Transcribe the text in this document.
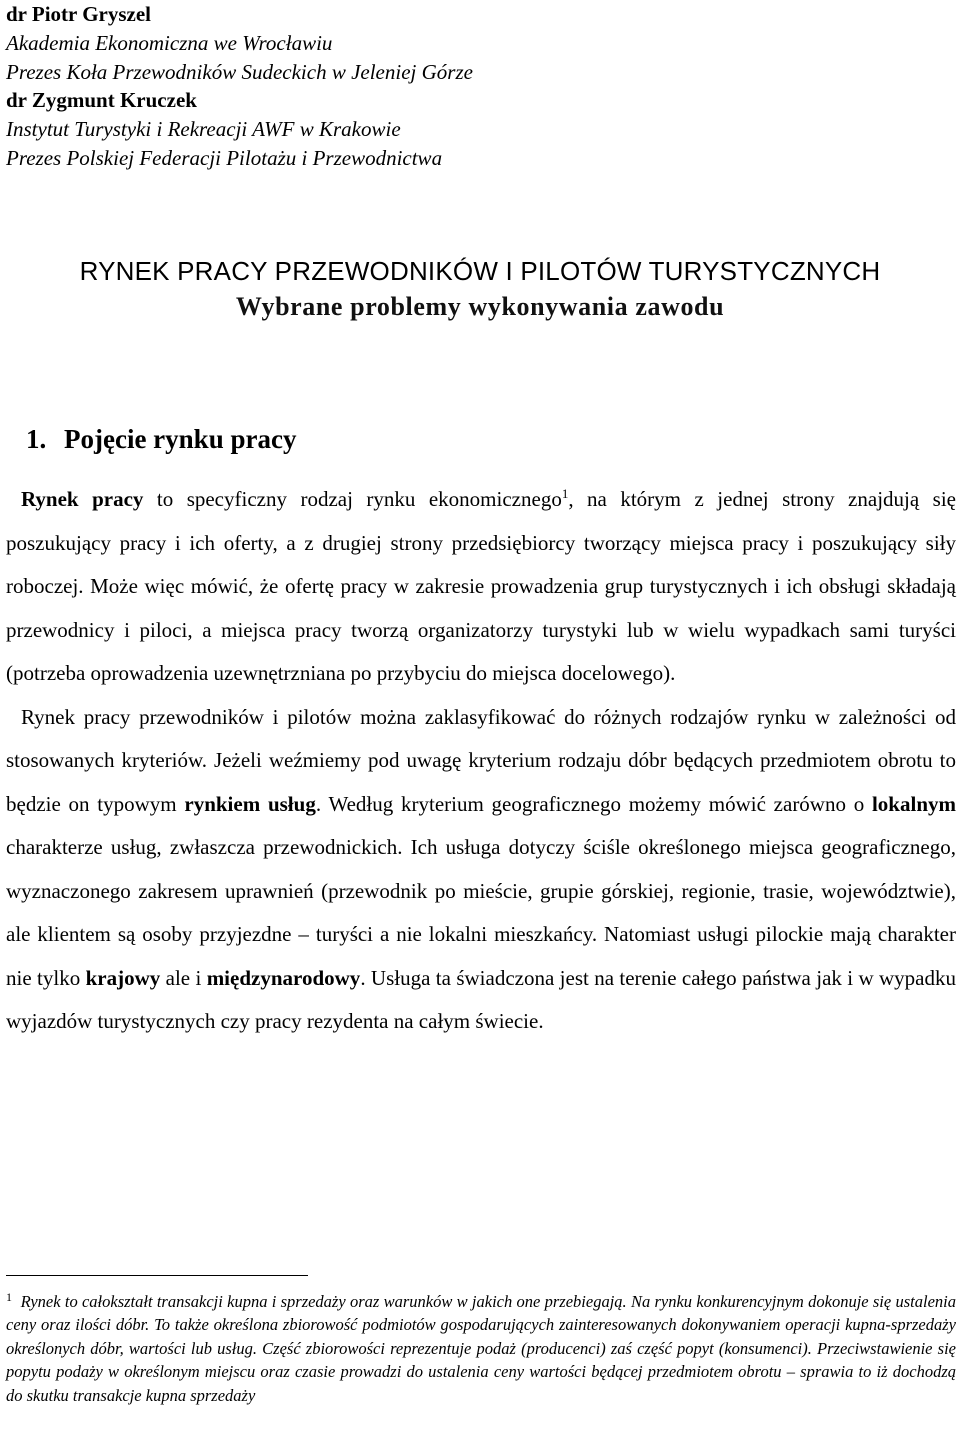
dr Piotr Gryszel
Akademia Ekonomiczna we Wrocławiu
Prezes Koła Przewodników Sudeckich w Jeleniej Górze
dr Zygmunt Kruczek
Instytut Turystyki i Rekreacji AWF w Krakowie
Prezes Polskiej Federacji Pilotażu i Przewodnictwa
RYNEK PRACY PRZEWODNIKÓW I PILOTÓW TURYSTYCZNYCH
Wybrane problemy wykonywania zawodu
1. Pojęcie rynku pracy

Rynek pracy to specyficzny rodzaj rynku ekonomicznego$^1$, na którym z jednej strony znajdują się poszukujący pracy i ich oferty, a z drugiej strony przedsiębiorcy tworzący miejsca pracy i poszukujący siły roboczej. Może więc mówić, że ofertę pracy w zakresie prowadzenia grup turystycznych i ich obsługi składają przewodnicy i piloci, a miejsca pracy tworzą organizatorzy turystyki lub w wielu wypadkach sami turyści (potrzeba oprowadzenia uzewnętrzniana po przybyciu do miejsca docelowego).

Rynek pracy przewodników i pilotów można zaklasyfikować do różnych rodzajów rynku w zależności od stosowanych kryteriów. Jeżeli weźmiemy pod uwagę kryterium rodzaju dóbr będących przedmiotem obrotu to będzie on typowym rynkiem usług. Według kryterium geograficznego możemy mówić zarówno o lokalnym charakterze usług, zwłaszcza przewodnickich. Ich usługa dotyczy ściśle określonego miejsca geograficznego, wyznaczonego zakresem uprawnień (przewodnik po mieście, grupie górskiej, regionie, trasie, województwie), ale klientem są osoby przyjezdne – turyści a nie lokalni mieszkańcy. Natomiast usługi pilockie mają charakter nie tylko krajowy ale i międzynarodowy. Usługa ta świadczona jest na terenie całego państwa jak i w wypadku wyjazdów turystycznych czy pracy rezydenta na całym świecie.

$^1$ Rynek to całokształt transakcji kupna i sprzedaży oraz warunków w jakich one przebiegają. Na rynku konkurencyjnym dokonuje się ustalenia ceny oraz ilości dóbr. To także określona zbiorowość podmiotów gospodarujących zainteresowanych dokonywaniem operacji kupna-sprzedaży określonych dóbr, wartości lub usług. Część zbiorowości reprezentuje podaż (producenci) zaś część popyt (konsumenci). Przeciwstawienie się popytu podaży w określonym miejscu oraz czasie prowadzi do ustalenia ceny wartości będącej przedmiotem obrotu – sprawia to iż dochodzą do skutku transakcje kupna sprzedaży
